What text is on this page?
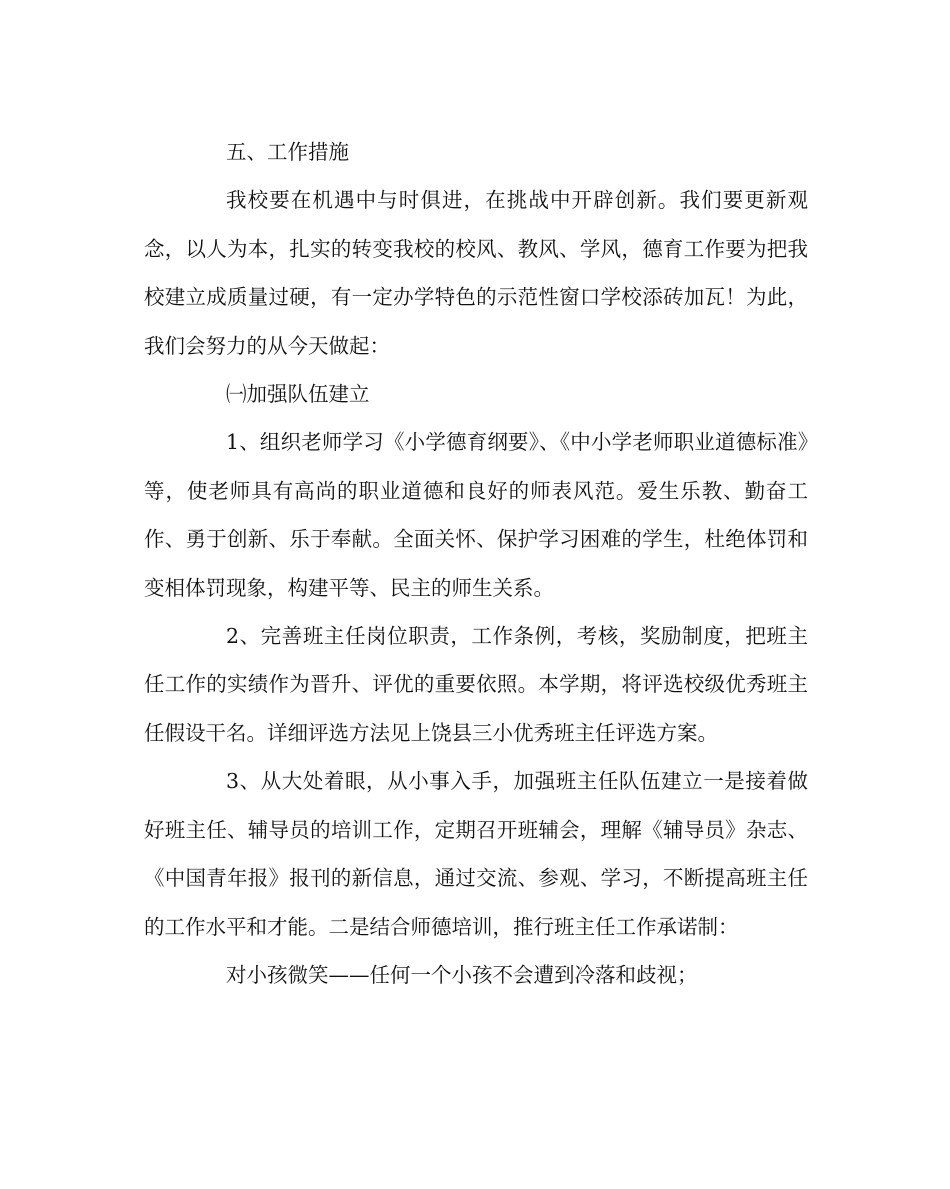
五、工作措施

我校要在机遇中与时俱进，在挑战中开辟创新。我们要更新观念，以人为本，扎实的转变我校的校风、教风、学风，德育工作要为把我校建立成质量过硬，有一定办学特色的示范性窗口学校添砖加瓦！为此，我们会努力的从今天做起：

㈠加强队伍建立

1、组织老师学习《小学德育纲要》、《中小学老师职业道德标准》等，使老师具有高尚的职业道德和良好的师表风范。爱生乐教、勤奋工作、勇于创新、乐于奉献。全面关怀、保护学习困难的学生，杜绝体罚和变相体罚现象，构建平等、民主的师生关系。

2、完善班主任岗位职责，工作条例，考核，奖励制度，把班主任工作的实绩作为晋升、评优的重要依照。本学期，将评选校级优秀班主任假设干名。详细评选方法见上饶县三小优秀班主任评选方案。

3、从大处着眼，从小事入手，加强班主任队伍建立一是接着做好班主任、辅导员的培训工作，定期召开班辅会，理解《辅导员》杂志、《中国青年报》报刊的新信息，通过交流、参观、学习，不断提高班主任的工作水平和才能。二是结合师德培训，推行班主任工作承诺制：

对小孩微笑——任何一个小孩不会遭到冷落和歧视；
